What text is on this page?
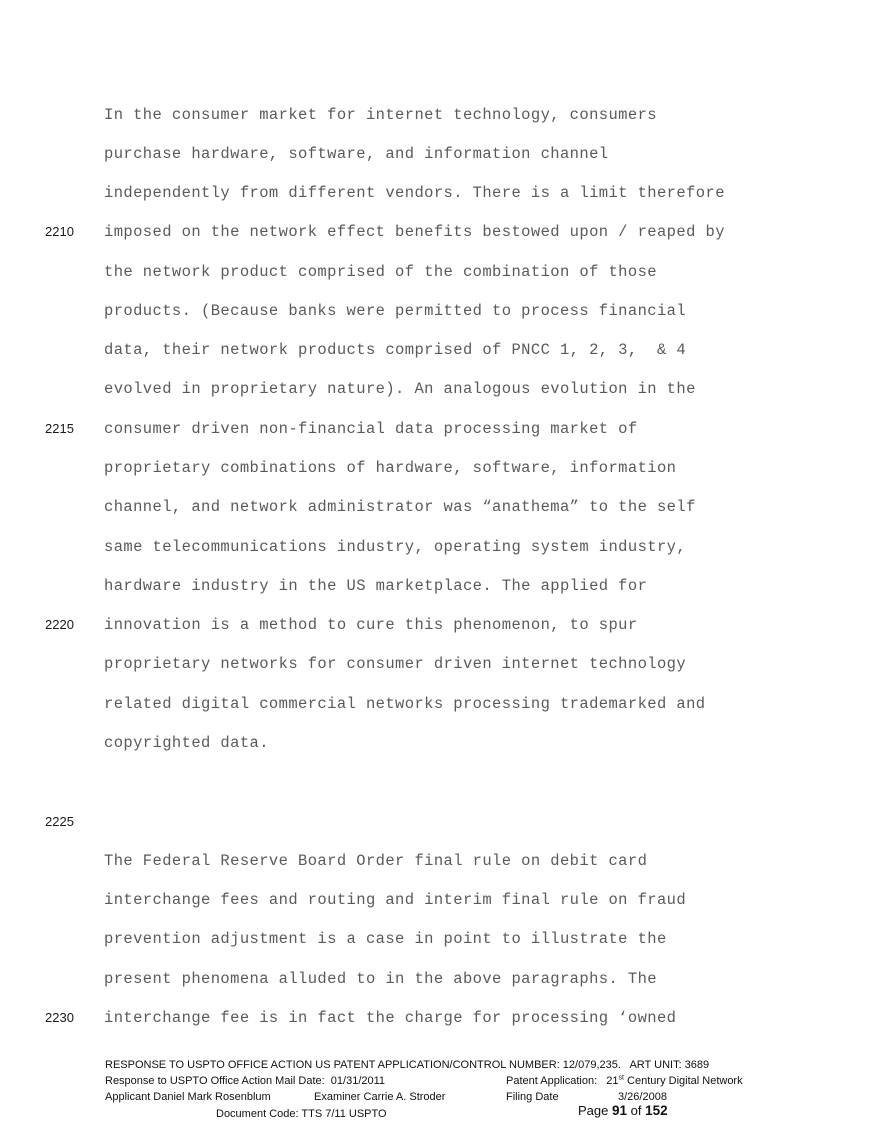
In the consumer market for internet technology, consumers
purchase hardware, software, and information channel
independently from different vendors. There is a limit therefore
imposed on the network effect benefits bestowed upon / reaped by
the network product comprised of the combination of those
products. (Because banks were permitted to process financial
data, their network products comprised of PNCC 1, 2, 3,  & 4
evolved in proprietary nature). An analogous evolution in the
consumer driven non-financial data processing market of
proprietary combinations of hardware, software, information
channel, and network administrator was “anathema” to the self
same telecommunications industry, operating system industry,
hardware industry in the US marketplace. The applied for
innovation is a method to cure this phenomenon, to spur
proprietary networks for consumer driven internet technology
related digital commercial networks processing trademarked and
copyrighted data.
The Federal Reserve Board Order final rule on debit card
interchange fees and routing and interim final rule on fraud
prevention adjustment is a case in point to illustrate the
present phenomena alluded to in the above paragraphs. The
interchange fee is in fact the charge for processing ‘owned
2210
2215
2220
2225
2230
RESPONSE TO USPTO OFFICE ACTION US PATENT APPLICATION/CONTROL NUMBER: 12/079,235.   ART UNIT: 3689
Response to USPTO Office Action Mail Date:  01/31/2011	Patent Application: 21st Century Digital Network
Applicant Daniel Mark Rosenblum	Examiner Carrie A. Stroder	Filing Date	3/26/2008
Document Code: TTS 7/11 USPTO	Page 91 of 152
